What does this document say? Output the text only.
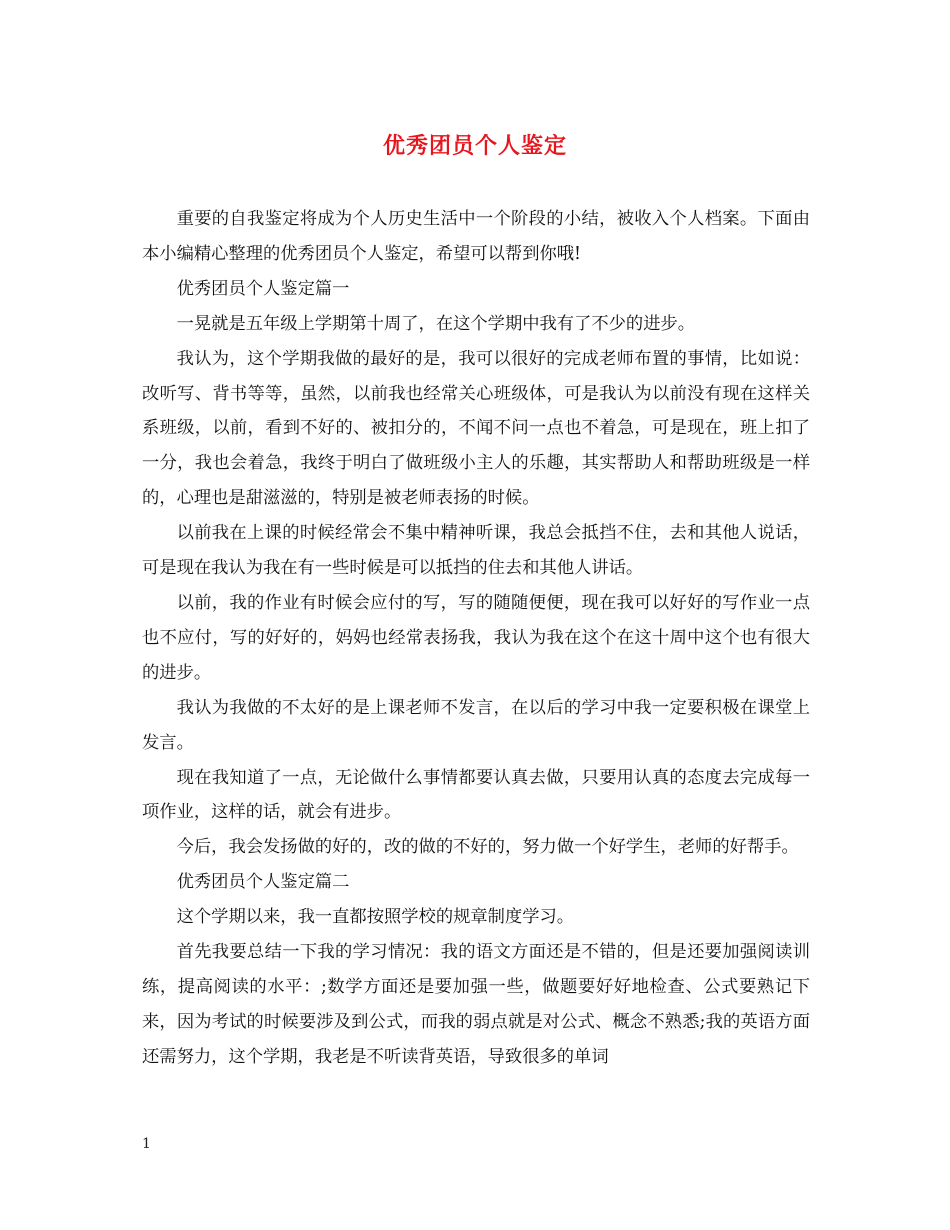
优秀团员个人鉴定

重要的自我鉴定将成为个人历史生活中一个阶段的小结，被收入个人档案。下面由本小编精心整理的优秀团员个人鉴定，希望可以帮到你哦!

优秀团员个人鉴定篇一

一晃就是五年级上学期第十周了，在这个学期中我有了不少的进步。

我认为，这个学期我做的最好的是，我可以很好的完成老师布置的事情，比如说：改听写、背书等等，虽然，以前我也经常关心班级体，可是我认为以前没有现在这样关系班级，以前，看到不好的、被扣分的，不闻不问一点也不着急，可是现在，班上扣了一分，我也会着急，我终于明白了做班级小主人的乐趣，其实帮助人和帮助班级是一样的，心理也是甜滋滋的，特别是被老师表扬的时候。

以前我在上课的时候经常会不集中精神听课，我总会抵挡不住，去和其他人说话，可是现在我认为我在有一些时候是可以抵挡的住去和其他人讲话。

以前，我的作业有时候会应付的写，写的随随便便，现在我可以好好的写作业一点也不应付，写的好好的，妈妈也经常表扬我，我认为我在这个在这十周中这个也有很大的进步。

我认为我做的不太好的是上课老师不发言，在以后的学习中我一定要积极在课堂上发言。

现在我知道了一点，无论做什么事情都要认真去做，只要用认真的态度去完成每一项作业，这样的话，就会有进步。

今后，我会发扬做的好的，改的做的不好的，努力做一个好学生，老师的好帮手。

优秀团员个人鉴定篇二

这个学期以来，我一直都按照学校的规章制度学习。

首先我要总结一下我的学习情况：我的语文方面还是不错的，但是还要加强阅读训练，提高阅读的水平：;数学方面还是要加强一些，做题要好好地检查、公式要熟记下来，因为考试的时候要涉及到公式，而我的弱点就是对公式、概念不熟悉;我的英语方面还需努力，这个学期，我老是不听读背英语，导致很多的单词

1
